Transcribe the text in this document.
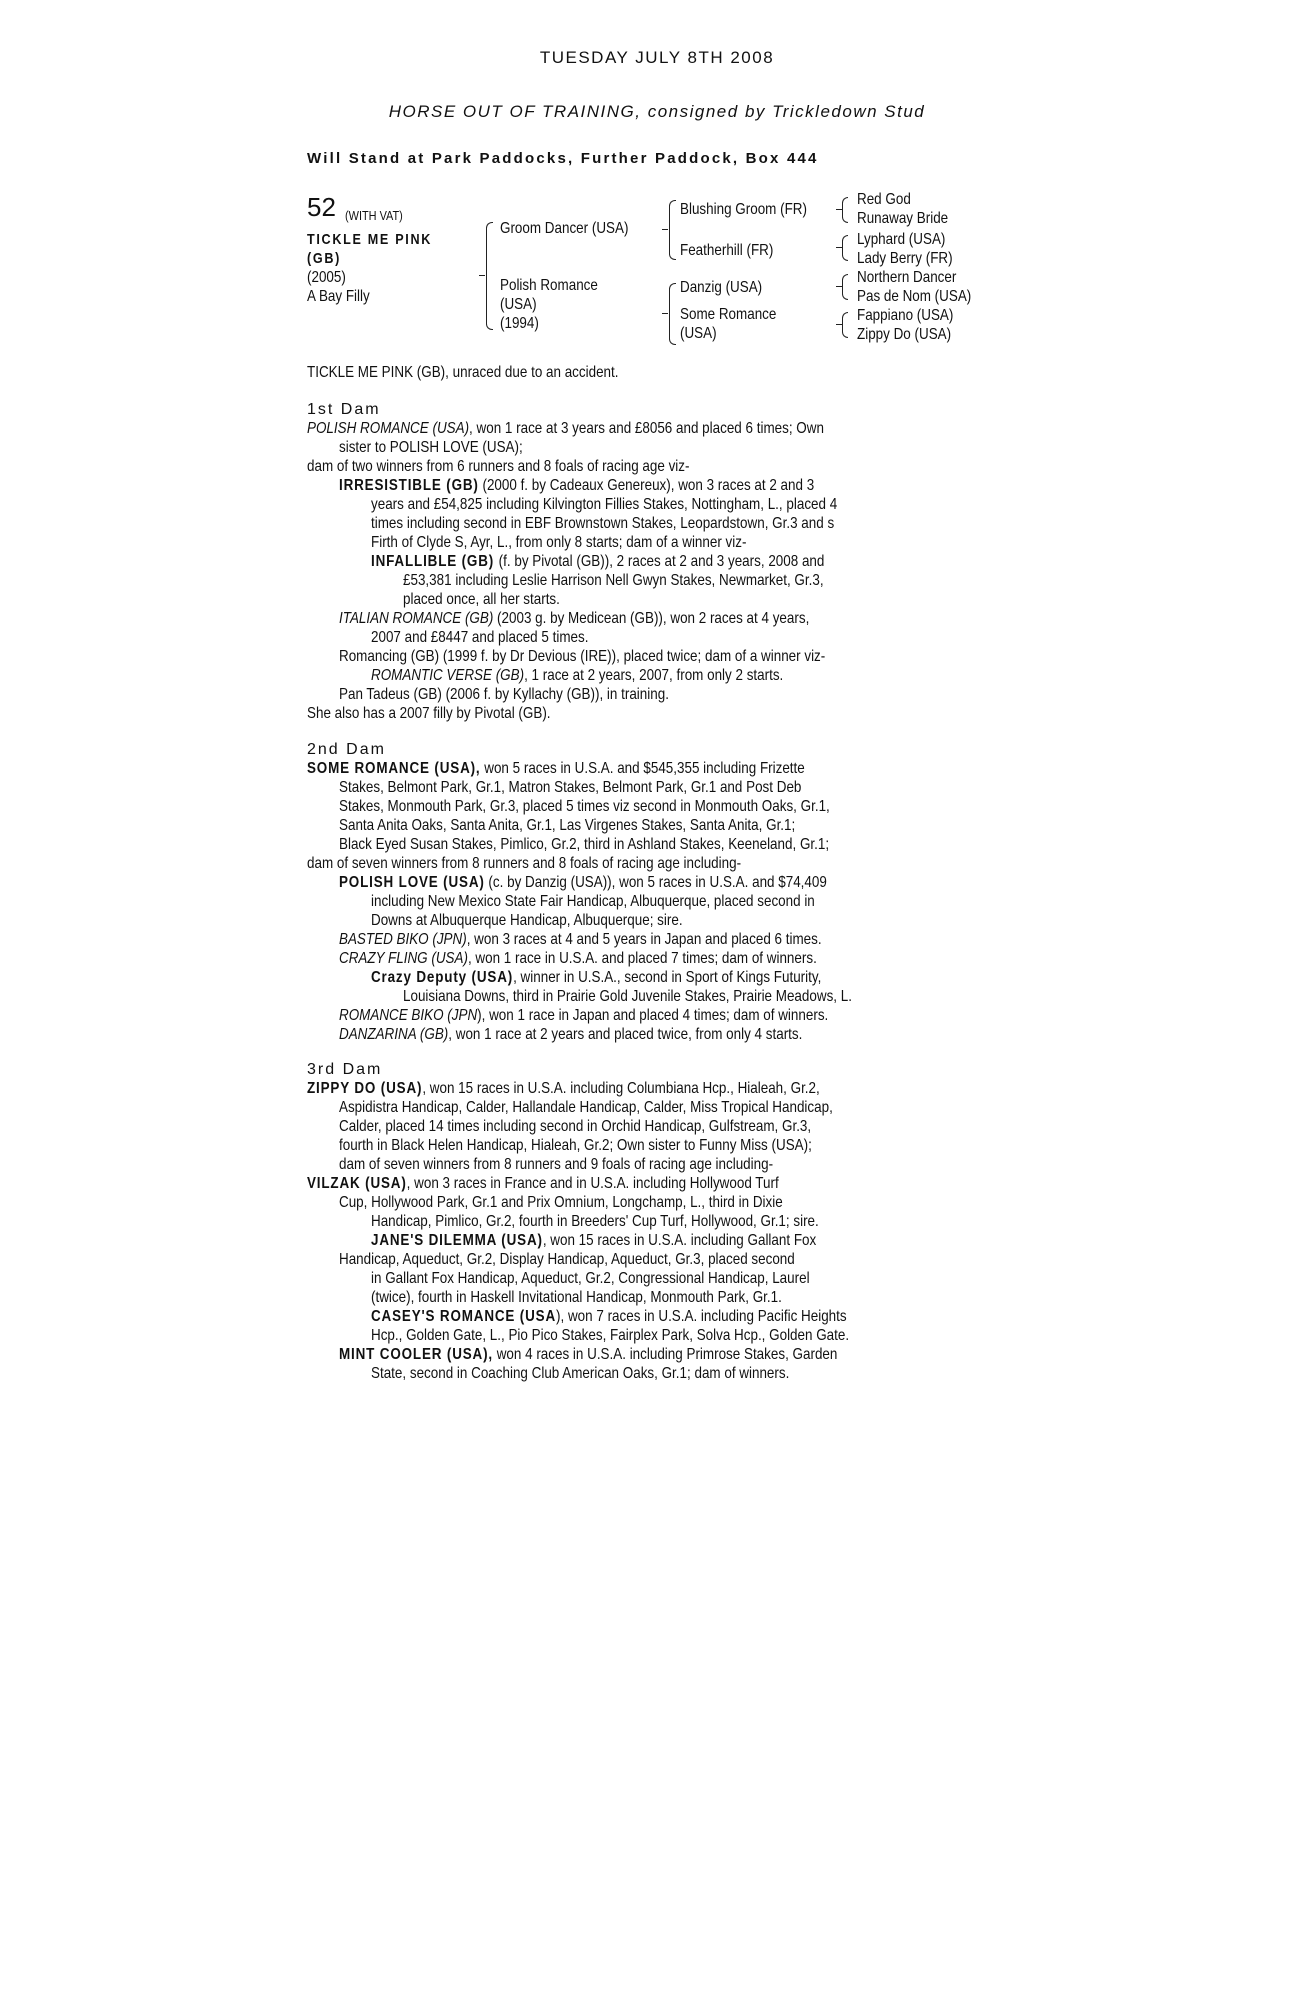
TUESDAY JULY 8TH 2008
HORSE OUT OF TRAINING, consigned by Trickledown Stud
Will Stand at Park Paddocks, Further Paddock, Box 444
52 (WITH VAT)
TICKLE ME PINK
(GB)
(2005)
A Bay Filly
Groom Dancer (USA)
Polish Romance
(USA)
(1994)
Blushing Groom (FR)
Featherhill (FR)
Danzig (USA)
Some Romance
(USA)
Red God
Runaway Bride
Lyphard (USA)
Lady Berry (FR)
Northern Dancer
Pas de Nom (USA)
Fappiano (USA)
Zippy Do (USA)
TICKLE ME PINK (GB), unraced due to an accident.
1st Dam
POLISH ROMANCE (USA), won 1 race at 3 years and £8056 and placed 6 times; Own
sister to POLISH LOVE (USA);
dam of two winners from 6 runners and 8 foals of racing age viz-
IRRESISTIBLE (GB) (2000 f. by Cadeaux Genereux), won 3 races at 2 and 3
years and £54,825 including Kilvington Fillies Stakes, Nottingham, L., placed 4
times including second in EBF Brownstown Stakes, Leopardstown, Gr.3 and s
Firth of Clyde S, Ayr, L., from only 8 starts; dam of a winner viz-
INFALLIBLE (GB) (f. by Pivotal (GB)), 2 races at 2 and 3 years, 2008 and
£53,381 including Leslie Harrison Nell Gwyn Stakes, Newmarket, Gr.3,
placed once, all her starts.
ITALIAN ROMANCE (GB) (2003 g. by Medicean (GB)), won 2 races at 4 years,
2007 and £8447 and placed 5 times.
Romancing (GB) (1999 f. by Dr Devious (IRE)), placed twice; dam of a winner viz-
ROMANTIC VERSE (GB), 1 race at 2 years, 2007, from only 2 starts.
Pan Tadeus (GB) (2006 f. by Kyllachy (GB)), in training.
She also has a 2007 filly by Pivotal (GB).
2nd Dam
SOME ROMANCE (USA), won 5 races in U.S.A. and $545,355 including Frizette
Stakes, Belmont Park, Gr.1, Matron Stakes, Belmont Park, Gr.1 and Post Deb
Stakes, Monmouth Park, Gr.3, placed 5 times viz second in Monmouth Oaks, Gr.1,
Santa Anita Oaks, Santa Anita, Gr.1, Las Virgenes Stakes, Santa Anita, Gr.1;
Black Eyed Susan Stakes, Pimlico, Gr.2, third in Ashland Stakes, Keeneland, Gr.1;
dam of seven winners from 8 runners and 8 foals of racing age including-
POLISH LOVE (USA) (c. by Danzig (USA)), won 5 races in U.S.A. and $74,409
including New Mexico State Fair Handicap, Albuquerque, placed second in
Downs at Albuquerque Handicap, Albuquerque; sire.
BASTED BIKO (JPN), won 3 races at 4 and 5 years in Japan and placed 6 times.
CRAZY FLING (USA), won 1 race in U.S.A. and placed 7 times; dam of winners.
Crazy Deputy (USA), winner in U.S.A., second in Sport of Kings Futurity,
Louisiana Downs, third in Prairie Gold Juvenile Stakes, Prairie Meadows, L.
ROMANCE BIKO (JPN), won 1 race in Japan and placed 4 times; dam of winners.
DANZARINA (GB), won 1 race at 2 years and placed twice, from only 4 starts.
3rd Dam
ZIPPY DO (USA), won 15 races in U.S.A. including Columbiana Hcp., Hialeah, Gr.2,
Aspidistra Handicap, Calder, Hallandale Handicap, Calder, Miss Tropical Handicap,
Calder, placed 14 times including second in Orchid Handicap, Gulfstream, Gr.3,
fourth in Black Helen Handicap, Hialeah, Gr.2; Own sister to Funny Miss (USA);
dam of seven winners from 8 runners and 9 foals of racing age including-
VILZAK (USA), won 3 races in France and in U.S.A. including Hollywood Turf
Cup, Hollywood Park, Gr.1 and Prix Omnium, Longchamp, L., third in Dixie
Handicap, Pimlico, Gr.2, fourth in Breeders' Cup Turf, Hollywood, Gr.1; sire.
JANE'S DILEMMA (USA), won 15 races in U.S.A. including Gallant Fox
Handicap, Aqueduct, Gr.2, Display Handicap, Aqueduct, Gr.3, placed second
in Gallant Fox Handicap, Aqueduct, Gr.2, Congressional Handicap, Laurel
(twice), fourth in Haskell Invitational Handicap, Monmouth Park, Gr.1.
CASEY'S ROMANCE (USA), won 7 races in U.S.A. including Pacific Heights
Hcp., Golden Gate, L., Pio Pico Stakes, Fairplex Park, Solva Hcp., Golden Gate.
MINT COOLER (USA), won 4 races in U.S.A. including Primrose Stakes, Garden
State, second in Coaching Club American Oaks, Gr.1; dam of winners.
